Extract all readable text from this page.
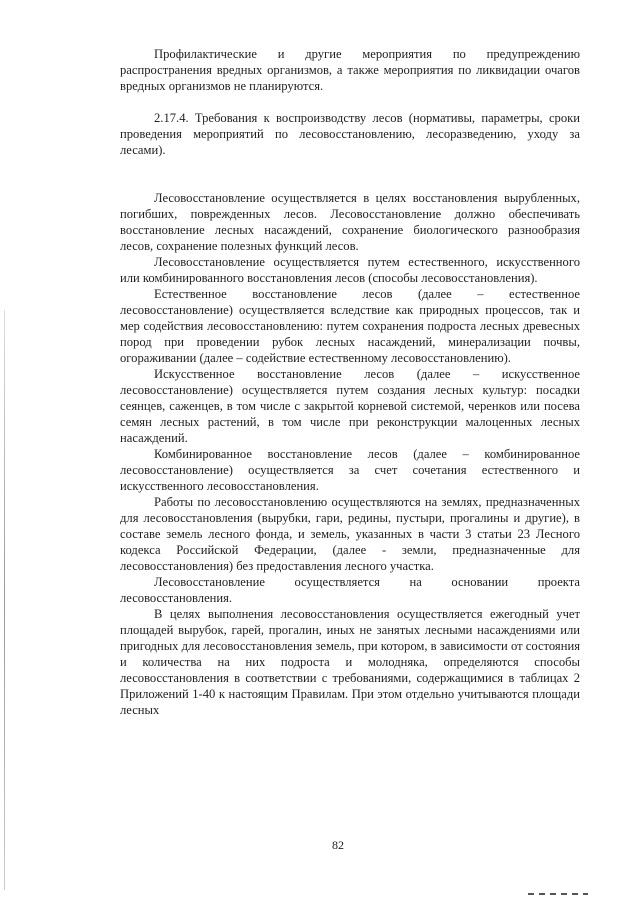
Профилактические и другие мероприятия по предупреждению распространения вредных организмов, а также мероприятия по ликвидации очагов вредных организмов не планируются.

2.17.4. Требования к воспроизводству лесов (нормативы, параметры, сроки проведения мероприятий по лесовосстановлению, лесоразведению, уходу за лесами).

Лесовосстановление осуществляется в целях восстановления вырубленных, погибших, поврежденных лесов. Лесовосстановление должно обеспечивать восстановление лесных насаждений, сохранение биологического разнообразия лесов, сохранение полезных функций лесов.

Лесовосстановление осуществляется путем естественного, искусственного или комбинированного восстановления лесов (способы лесовосстановления).

Естественное восстановление лесов (далее – естественное лесовосстановление) осуществляется вследствие как природных процессов, так и мер содействия лесовосстановлению: путем сохранения подроста лесных древесных пород при проведении рубок лесных насаждений, минерализации почвы, огораживании (далее – содействие естественному лесовосстановлению).

Искусственное восстановление лесов (далее – искусственное лесовосстановление) осуществляется путем создания лесных культур: посадки сеянцев, саженцев, в том числе с закрытой корневой системой, черенков или посева семян лесных растений, в том числе при реконструкции малоценных лесных насаждений.

Комбинированное восстановление лесов (далее – комбинированное лесовосстановление) осуществляется за счет сочетания естественного и искусственного лесовосстановления.

Работы по лесовосстановлению осуществляются на землях, предназначенных для лесовосстановления (вырубки, гари, редины, пустыри, прогалины и другие), в составе земель лесного фонда, и земель, указанных в части 3 статьи 23 Лесного кодекса Российской Федерации, (далее - земли, предназначенные для лесовосстановления) без предоставления лесного участка.

Лесовосстановление осуществляется на основании проекта лесовосстановления.

В целях выполнения лесовосстановления осуществляется ежегодный учет площадей вырубок, гарей, прогалин, иных не занятых лесными насаждениями или пригодных для лесовосстановления земель, при котором, в зависимости от состояния и количества на них подроста и молодняка, определяются способы лесовосстановления в соответствии с требованиями, содержащимися в таблицах 2 Приложений 1-40 к настоящим Правилам. При этом отдельно учитываются площади лесных

82
